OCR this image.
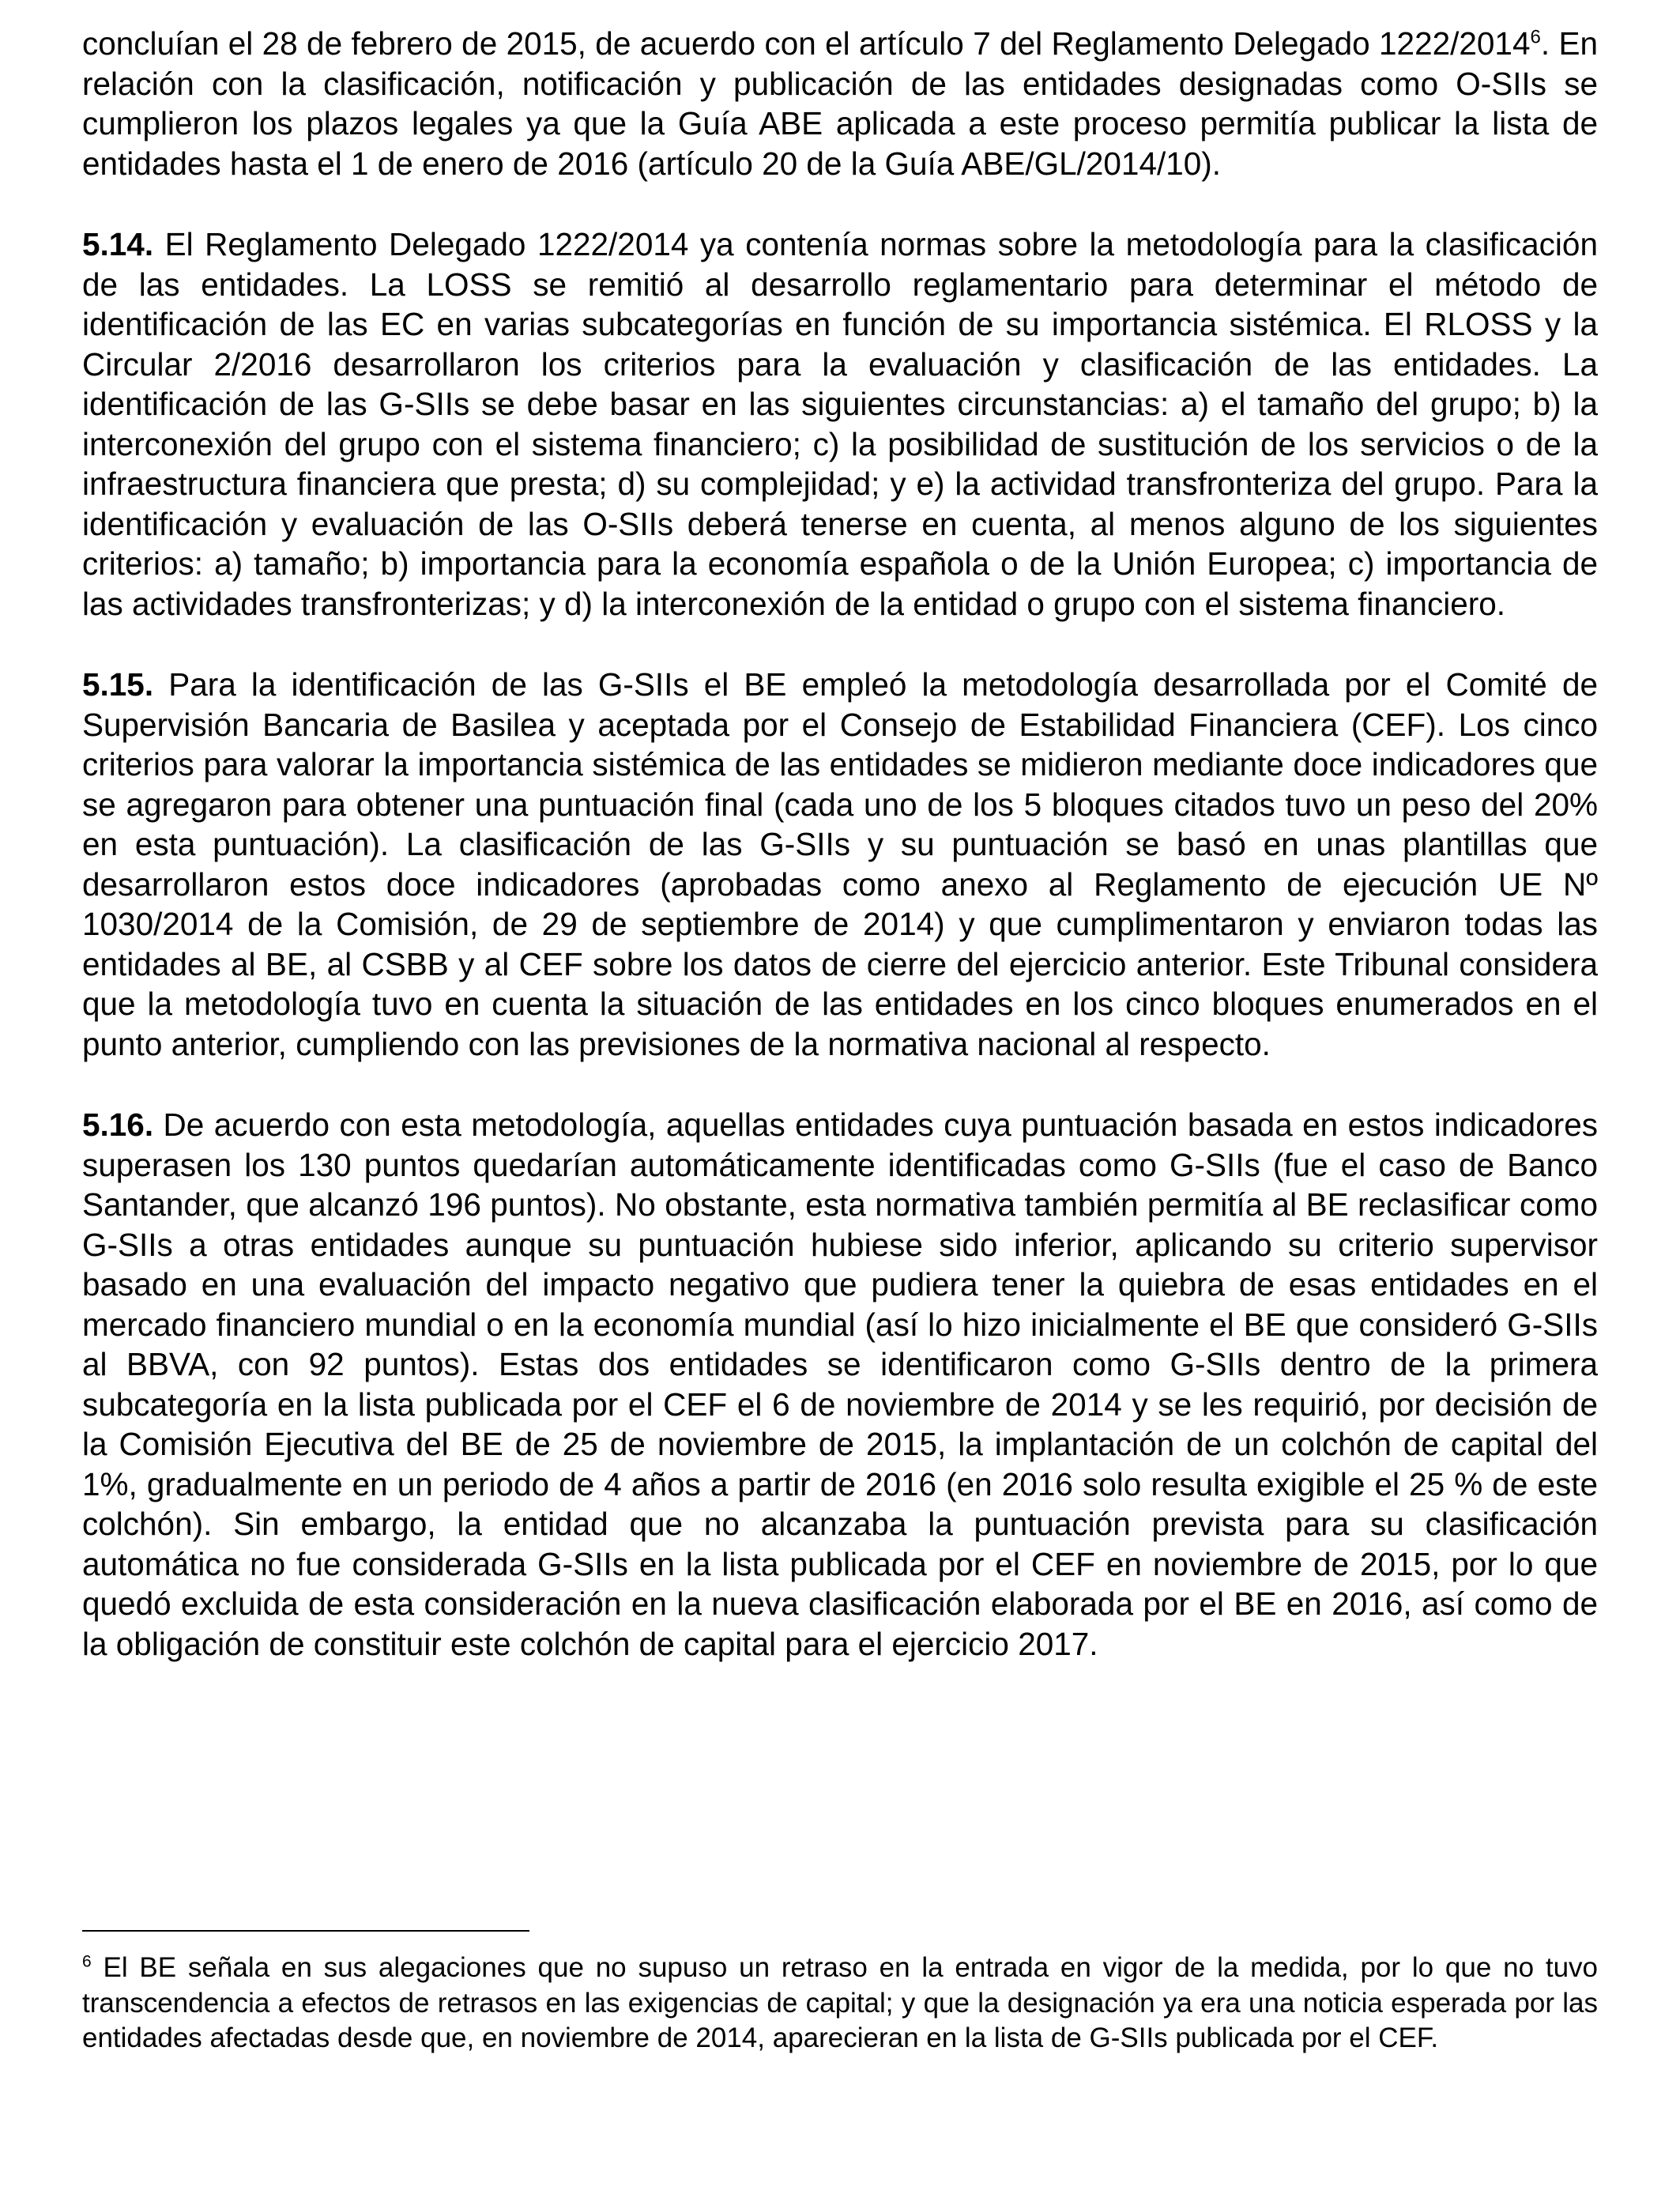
concluían el 28 de febrero de 2015, de acuerdo con el artículo 7 del Reglamento Delegado 1222/2014$^6$. En relación con la clasificación, notificación y publicación de las entidades designadas como O-SIIs se cumplieron los plazos legales ya que la Guía ABE aplicada a este proceso permitía publicar la lista de entidades hasta el 1 de enero de 2016 (artículo 20 de la Guía ABE/GL/2014/10).

5.14. El Reglamento Delegado 1222/2014 ya contenía normas sobre la metodología para la clasificación de las entidades. La LOSS se remitió al desarrollo reglamentario para determinar el método de identificación de las EC en varias subcategorías en función de su importancia sistémica. El RLOSS y la Circular 2/2016 desarrollaron los criterios para la evaluación y clasificación de las entidades. La identificación de las G-SIIs se debe basar en las siguientes circunstancias: a) el tamaño del grupo; b) la interconexión del grupo con el sistema financiero; c) la posibilidad de sustitución de los servicios o de la infraestructura financiera que presta; d) su complejidad; y e) la actividad transfronteriza del grupo. Para la identificación y evaluación de las O-SIIs deberá tenerse en cuenta, al menos alguno de los siguientes criterios: a) tamaño; b) importancia para la economía española o de la Unión Europea; c) importancia de las actividades transfronterizas; y d) la interconexión de la entidad o grupo con el sistema financiero.

5.15. Para la identificación de las G-SIIs el BE empleó la metodología desarrollada por el Comité de Supervisión Bancaria de Basilea y aceptada por el Consejo de Estabilidad Financiera (CEF). Los cinco criterios para valorar la importancia sistémica de las entidades se midieron mediante doce indicadores que se agregaron para obtener una puntuación final (cada uno de los 5 bloques citados tuvo un peso del 20% en esta puntuación). La clasificación de las G-SIIs y su puntuación se basó en unas plantillas que desarrollaron estos doce indicadores (aprobadas como anexo al Reglamento de ejecución UE Nº 1030/2014 de la Comisión, de 29 de septiembre de 2014) y que cumplimentaron y enviaron todas las entidades al BE, al CSBB y al CEF sobre los datos de cierre del ejercicio anterior. Este Tribunal considera que la metodología tuvo en cuenta la situación de las entidades en los cinco bloques enumerados en el punto anterior, cumpliendo con las previsiones de la normativa nacional al respecto.

5.16. De acuerdo con esta metodología, aquellas entidades cuya puntuación basada en estos indicadores superasen los 130 puntos quedarían automáticamente identificadas como G-SIIs (fue el caso de Banco Santander, que alcanzó 196 puntos). No obstante, esta normativa también permitía al BE reclasificar como G-SIIs a otras entidades aunque su puntuación hubiese sido inferior, aplicando su criterio supervisor basado en una evaluación del impacto negativo que pudiera tener la quiebra de esas entidades en el mercado financiero mundial o en la economía mundial (así lo hizo inicialmente el BE que consideró G-SIIs al BBVA, con 92 puntos). Estas dos entidades se identificaron como G-SIIs dentro de la primera subcategoría en la lista publicada por el CEF el 6 de noviembre de 2014 y se les requirió, por decisión de la Comisión Ejecutiva del BE de 25 de noviembre de 2015, la implantación de un colchón de capital del 1%, gradualmente en un periodo de 4 años a partir de 2016 (en 2016 solo resulta exigible el 25 % de este colchón). Sin embargo, la entidad que no alcanzaba la puntuación prevista para su clasificación automática no fue considerada G-SIIs en la lista publicada por el CEF en noviembre de 2015, por lo que quedó excluida de esta consideración en la nueva clasificación elaborada por el BE en 2016, así como de la obligación de constituir este colchón de capital para el ejercicio 2017.

$^6$ El BE señala en sus alegaciones que no supuso un retraso en la entrada en vigor de la medida, por lo que no tuvo transcendencia a efectos de retrasos en las exigencias de capital; y que la designación ya era una noticia esperada por las entidades afectadas desde que, en noviembre de 2014, aparecieran en la lista de G-SIIs publicada por el CEF.
